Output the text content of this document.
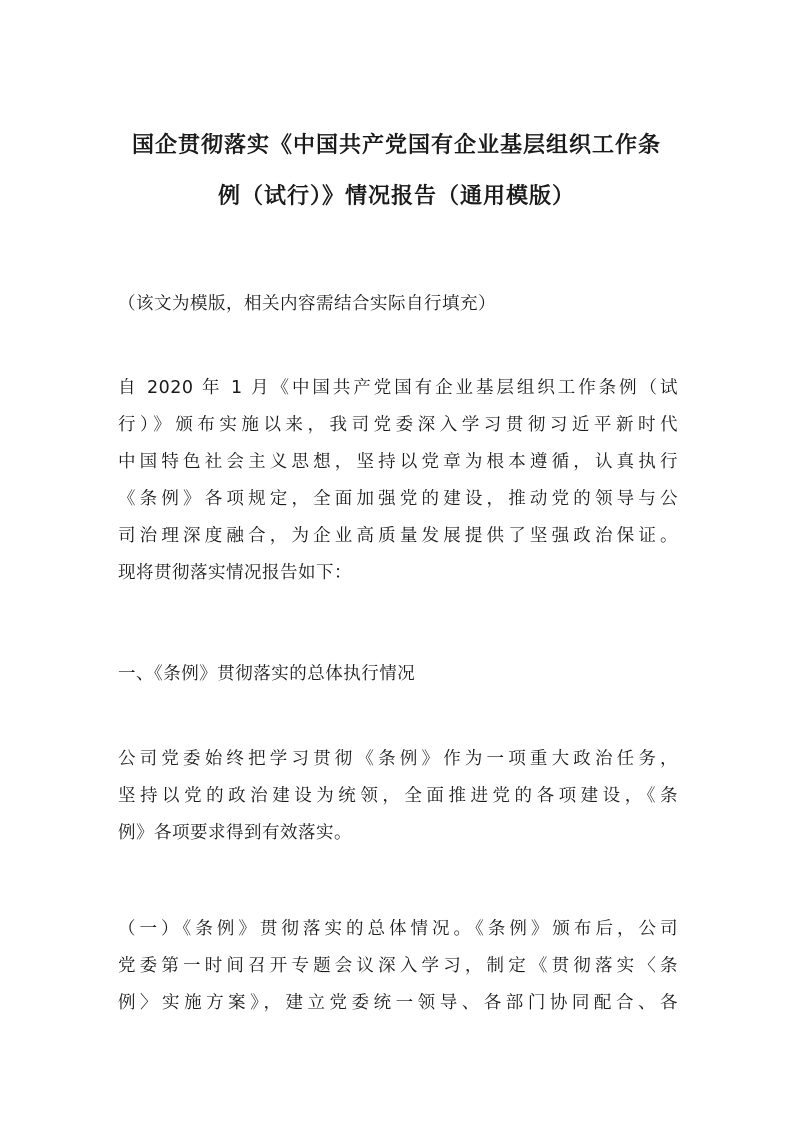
国企贯彻落实《中国共产党国有企业基层组织工作条
例（试行）》情况报告（通用模版）
（该文为模版，相关内容需结合实际自行填充）
自 2020 年 1 月《中国共产党国有企业基层组织工作条例（试
行）》颁布实施以来，我司党委深入学习贯彻习近平新时代
中国特色社会主义思想，坚持以党章为根本遵循，认真执行
《条例》各项规定，全面加强党的建设，推动党的领导与公
司治理深度融合，为企业高质量发展提供了坚强政治保证。
现将贯彻落实情况报告如下：
一、《条例》贯彻落实的总体执行情况
公司党委始终把学习贯彻《条例》作为一项重大政治任务，
坚持以党的政治建设为统领，全面推进党的各项建设，《条
例》各项要求得到有效落实。
（一）《条例》贯彻落实的总体情况。《条例》颁布后，公司
党委第一时间召开专题会议深入学习，制定《贯彻落实〈条
例〉实施方案》，建立党委统一领导、各部门协同配合、各
